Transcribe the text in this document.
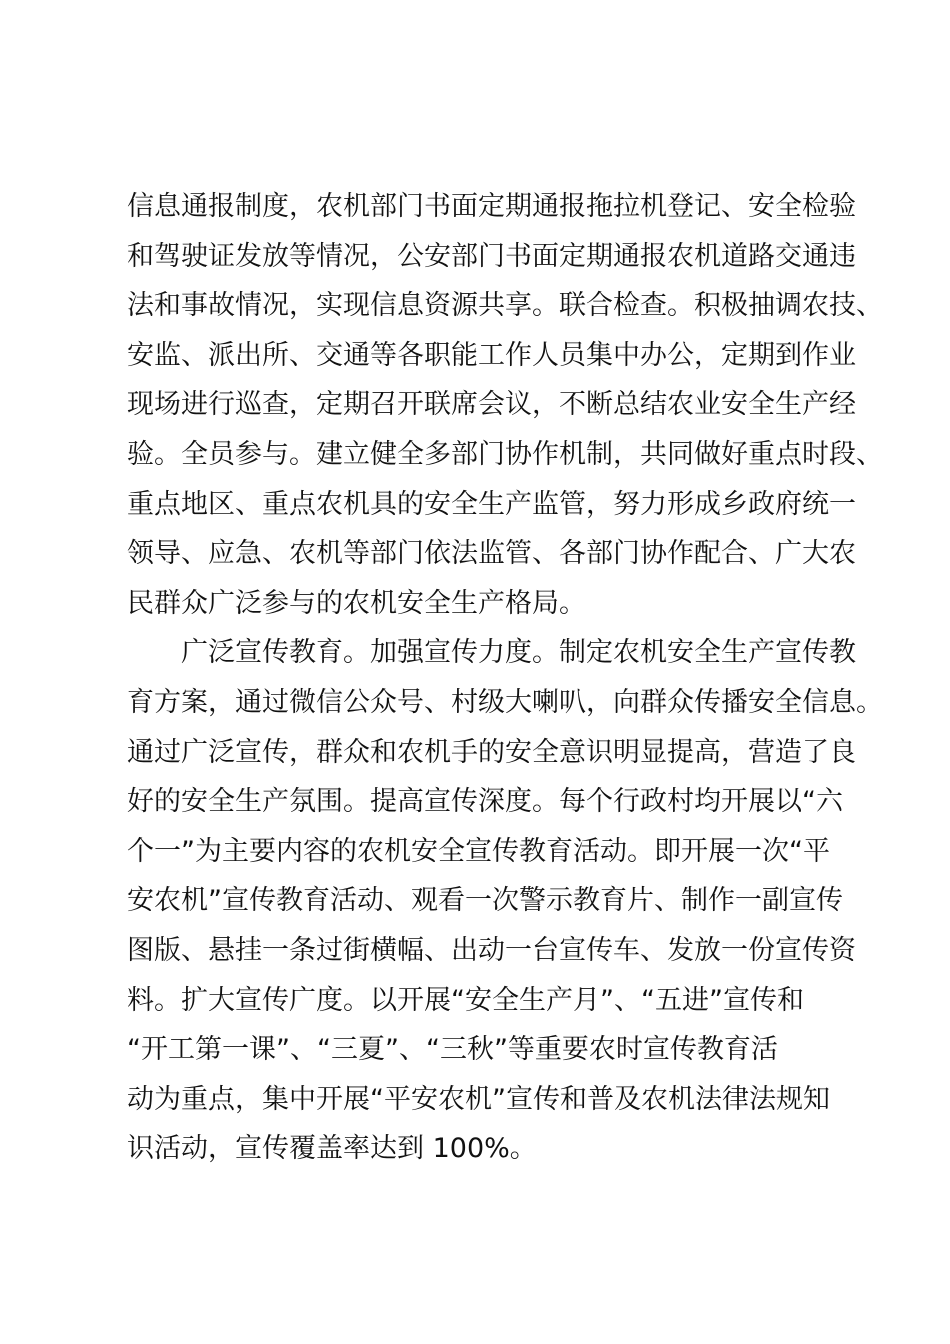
信息通报制度，农机部门书面定期通报拖拉机登记、安全检验
和驾驶证发放等情况，公安部门书面定期通报农机道路交通违
法和事故情况，实现信息资源共享。联合检查。积极抽调农技、
安监、派出所、交通等各职能工作人员集中办公，定期到作业
现场进行巡查，定期召开联席会议，不断总结农业安全生产经
验。全员参与。建立健全多部门协作机制，共同做好重点时段、
重点地区、重点农机具的安全生产监管，努力形成乡政府统一
领导、应急、农机等部门依法监管、各部门协作配合、广大农
民群众广泛参与的农机安全生产格局。
广泛宣传教育。加强宣传力度。制定农机安全生产宣传教
育方案，通过微信公众号、村级大喇叭，向群众传播安全信息。
通过广泛宣传，群众和农机手的安全意识明显提高，营造了良
好的安全生产氛围。提高宣传深度。每个行政村均开展以“六
个一”为主要内容的农机安全宣传教育活动。即开展一次“平
安农机”宣传教育活动、观看一次警示教育片、制作一副宣传
图版、悬挂一条过街横幅、出动一台宣传车、发放一份宣传资
料。扩大宣传广度。以开展“安全生产月”、“五进”宣传和
“开工第一课”、“三夏”、“三秋”等重要农时宣传教育活
动为重点，集中开展“平安农机”宣传和普及农机法律法规知
识活动，宣传覆盖率达到 100%。
